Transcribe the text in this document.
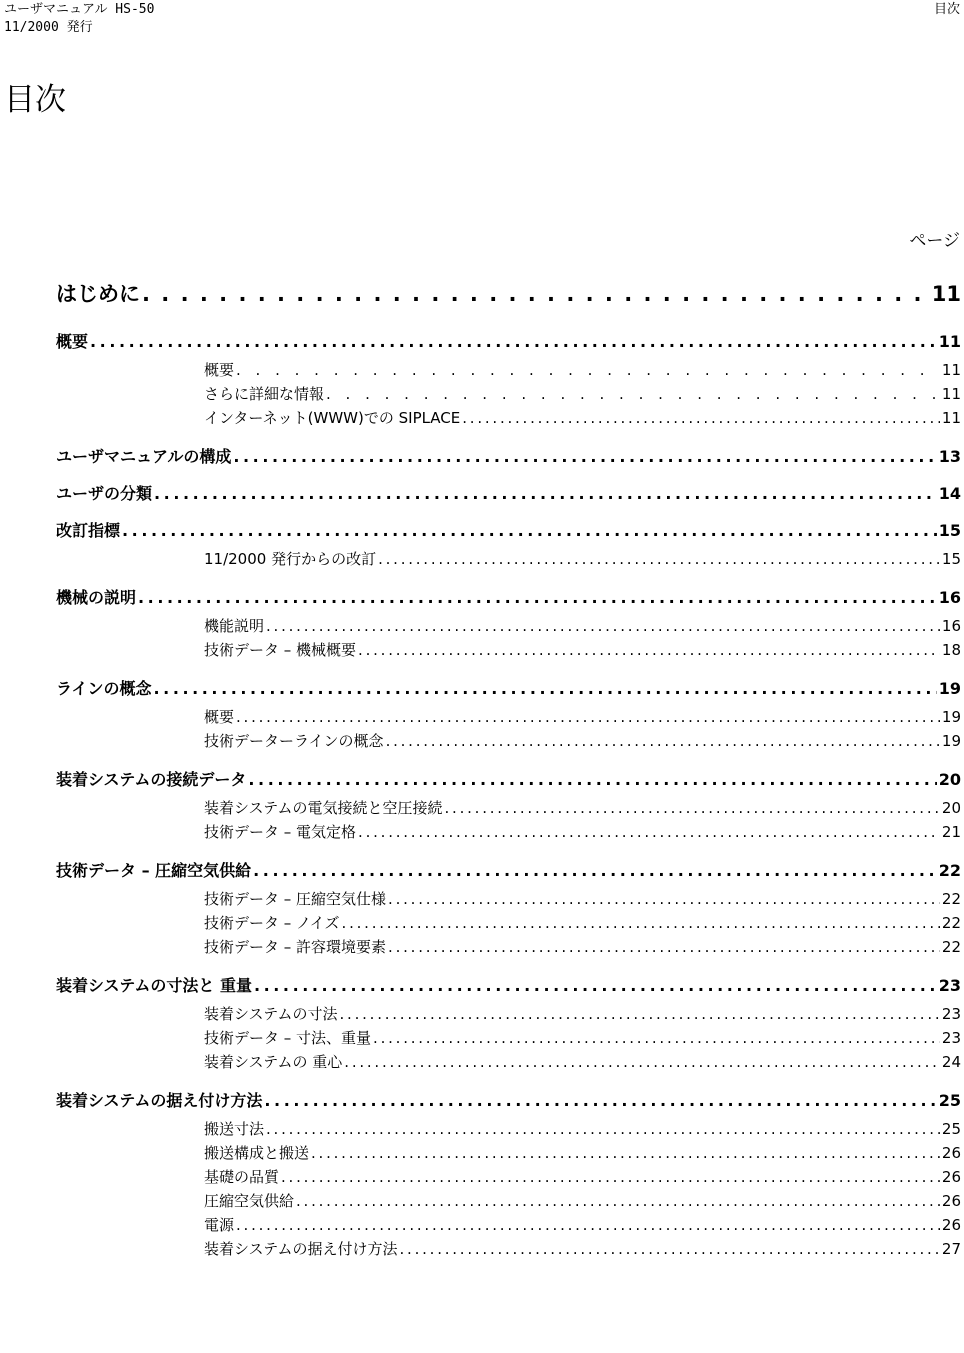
ユーザマニュアル HS-50
11/2000 発行
目次
目次
ページ
はじめに . . .	11
概要 . . .	11
概要 . . .	11
さらに詳細な情報 . . .	11
インターネット(WWW)での SIPLACE . . .	11
ユーザマニュアルの構成 . . .	13
ユーザの分類 . . .	14
改訂指標 . . .	15
11/2000 発行からの改訂 . . .	15
機械の説明 . . .	16
機能説明 . . .	16
技術データ – 機械概要 . . .	18
ラインの概念 . . .	19
概要 . . .	19
技術データーラインの概念 . . .	19
装着システムの接続データ . . .	20
装着システムの電気接続と空圧接続 . . .	20
技術データ – 電気定格 . . .	21
技術データ – 圧縮空気供給 . . .	22
技術データ – 圧縮空気仕様 . . .	22
技術データ – ノイズ . . .	22
技術データ – 許容環境要素 . . .	22
装着システムの寸法と 重量 . . .	23
装着システムの寸法 . . .	23
技術データ – 寸法、重量 . . .	23
装着システムの 重心 . . .	24
装着システムの据え付け方法 . . .	25
搬送寸法 . . .	25
搬送構成と搬送 . . .	26
基礎の品質 . . .	26
圧縮空気供給 . . .	26
電源 . . .	26
装着システムの据え付け方法 . . .	27
